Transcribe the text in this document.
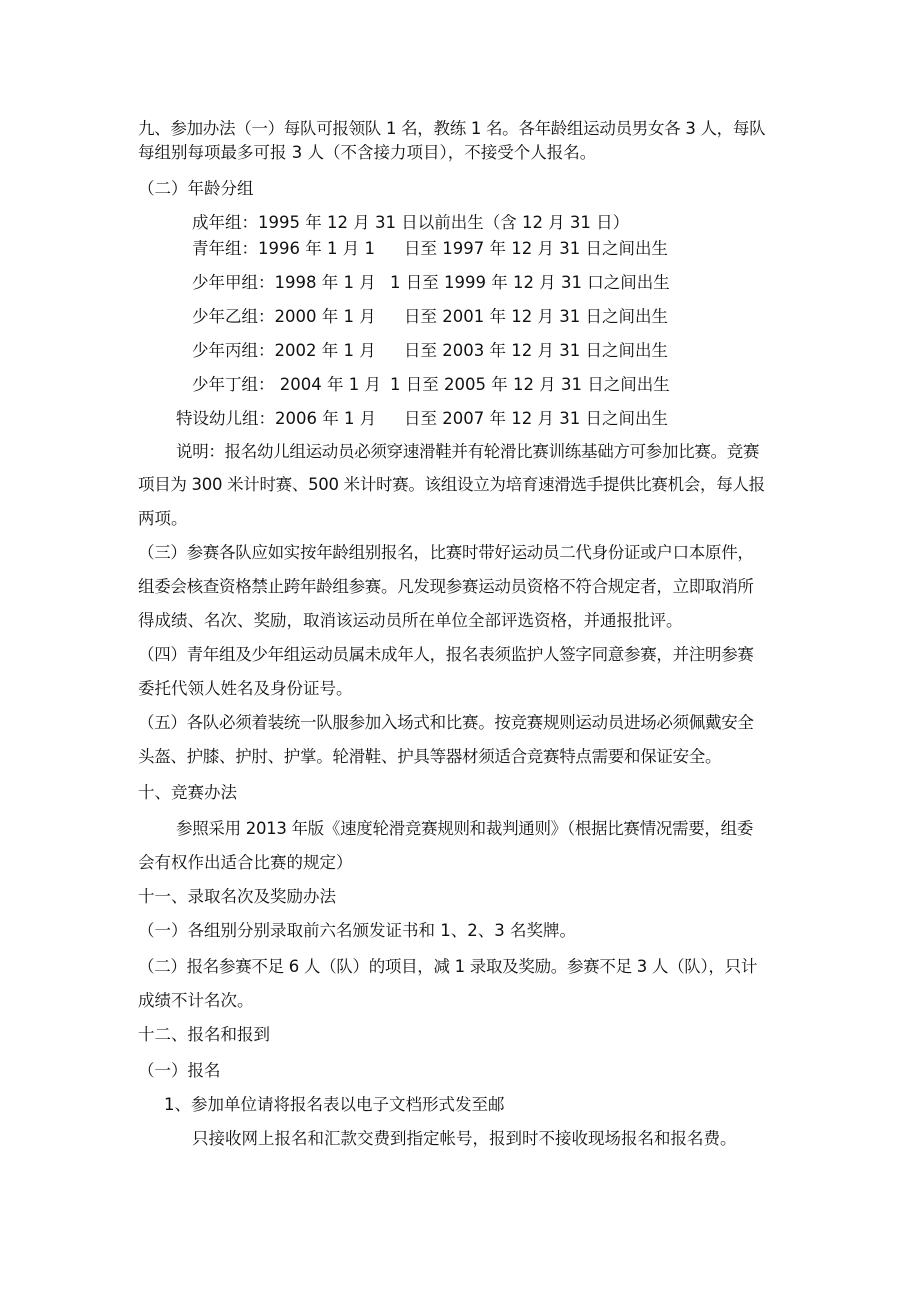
九、参加办法（一）每队可报领队 1 名，教练 1 名。各年龄组运动员男女各 3 人，每队
每组别每项最多可报 3 人（不含接力项目），不接受个人报名。
（二）年龄分组
成年组：1995 年 12 月 31 日以前出生（含 12 月 31 日）
青年组：1996 年 1 月 1 日至 1997 年 12 月 31 日之间出生
少年甲组：1998 年 1 月 1 日至 1999 年 12 月 31 口之间出生
少年乙组：2000 年 1 月 日至 2001 年 12 月 31 日之间出生
少年丙组：2002 年 1 月 日至 2003 年 12 月 31 日之间出生
少年丁组： 2004 年 1 月 1 日至 2005 年 12 月 31 日之间出生
特设幼儿组：2006 年 1 月 日至 2007 年 12 月 31 日之间出生
说明：报名幼儿组运动员必须穿速滑鞋并有轮滑比赛训练基础方可参加比赛。竞赛
项目为 300 米计时赛、500 米计时赛。该组设立为培育速滑选手提供比赛机会，每人报
两项。
（三）参赛各队应如实按年龄组别报名，比赛时带好运动员二代身份证或户口本原件，
组委会核查资格禁止跨年龄组参赛。凡发现参赛运动员资格不符合规定者，立即取消所
得成绩、名次、奖励，取消该运动员所在单位全部评选资格，并通报批评。
（四）青年组及少年组运动员属未成年人，报名表须监护人签字同意参赛，并注明参赛
委托代领人姓名及身份证号。
（五）各队必须着装统一队服参加入场式和比赛。按竞赛规则运动员进场必须佩戴安全
头盔、护膝、护肘、护掌。轮滑鞋、护具等器材须适合竞赛特点需要和保证安全。
十、竞赛办法
参照采用 2013 年版《速度轮滑竞赛规则和裁判通则》（根据比赛情况需要，组委
会有权作出适合比赛的规定）
十一、录取名次及奖励办法
（一）各组别分别录取前六名颁发证书和 1、2、3 名奖牌。
（二）报名参赛不足 6 人（队）的项目，减 1 录取及奖励。参赛不足 3 人（队），只计
成绩不计名次。
十二、报名和报到
（一）报名
1、参加单位请将报名表以电子文档形式发至邮
只接收网上报名和汇款交费到指定帐号，报到时不接收现场报名和报名费。
